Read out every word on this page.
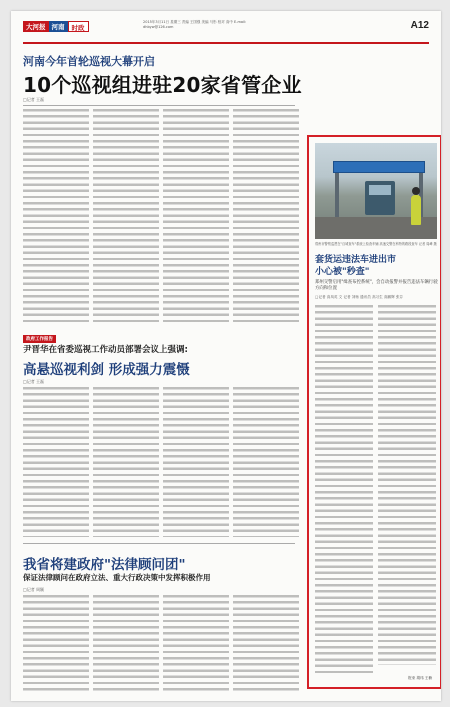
大河报 河南	时政
2015年3月11日 星期三 责编 王国强 美编 马彤 校对 高中 E-mail: dhbyw@126.com	A12
河南今年首轮巡视大幕开启
10个巡视组进驻20家省管企业
□记者 王磊
政府工作报告
尹晋华在省委巡视工作动员部署会议上强调:
高悬巡视利剑 形成强力震慑
□记者 王磊
我省将建政府"法律顾问团"
保证法律顾问在政府立法、重大行政决策中发挥积极作用
□记者 周颖
郑州市警察巡逻在"百城查车"系统上检查车辆 高速交警在科特的路段查车 记者 周峰 摄
套货运违法车进出市
小心被"秒查"
郑州交警启用"缉查布控系统"，会自动报警并报告违法车辆行驶方向和位置
□记者 高凤英 文 记者 刘杨 通讯员 高习生 高鹏辉 张芬
报来 胡玮 王楠
